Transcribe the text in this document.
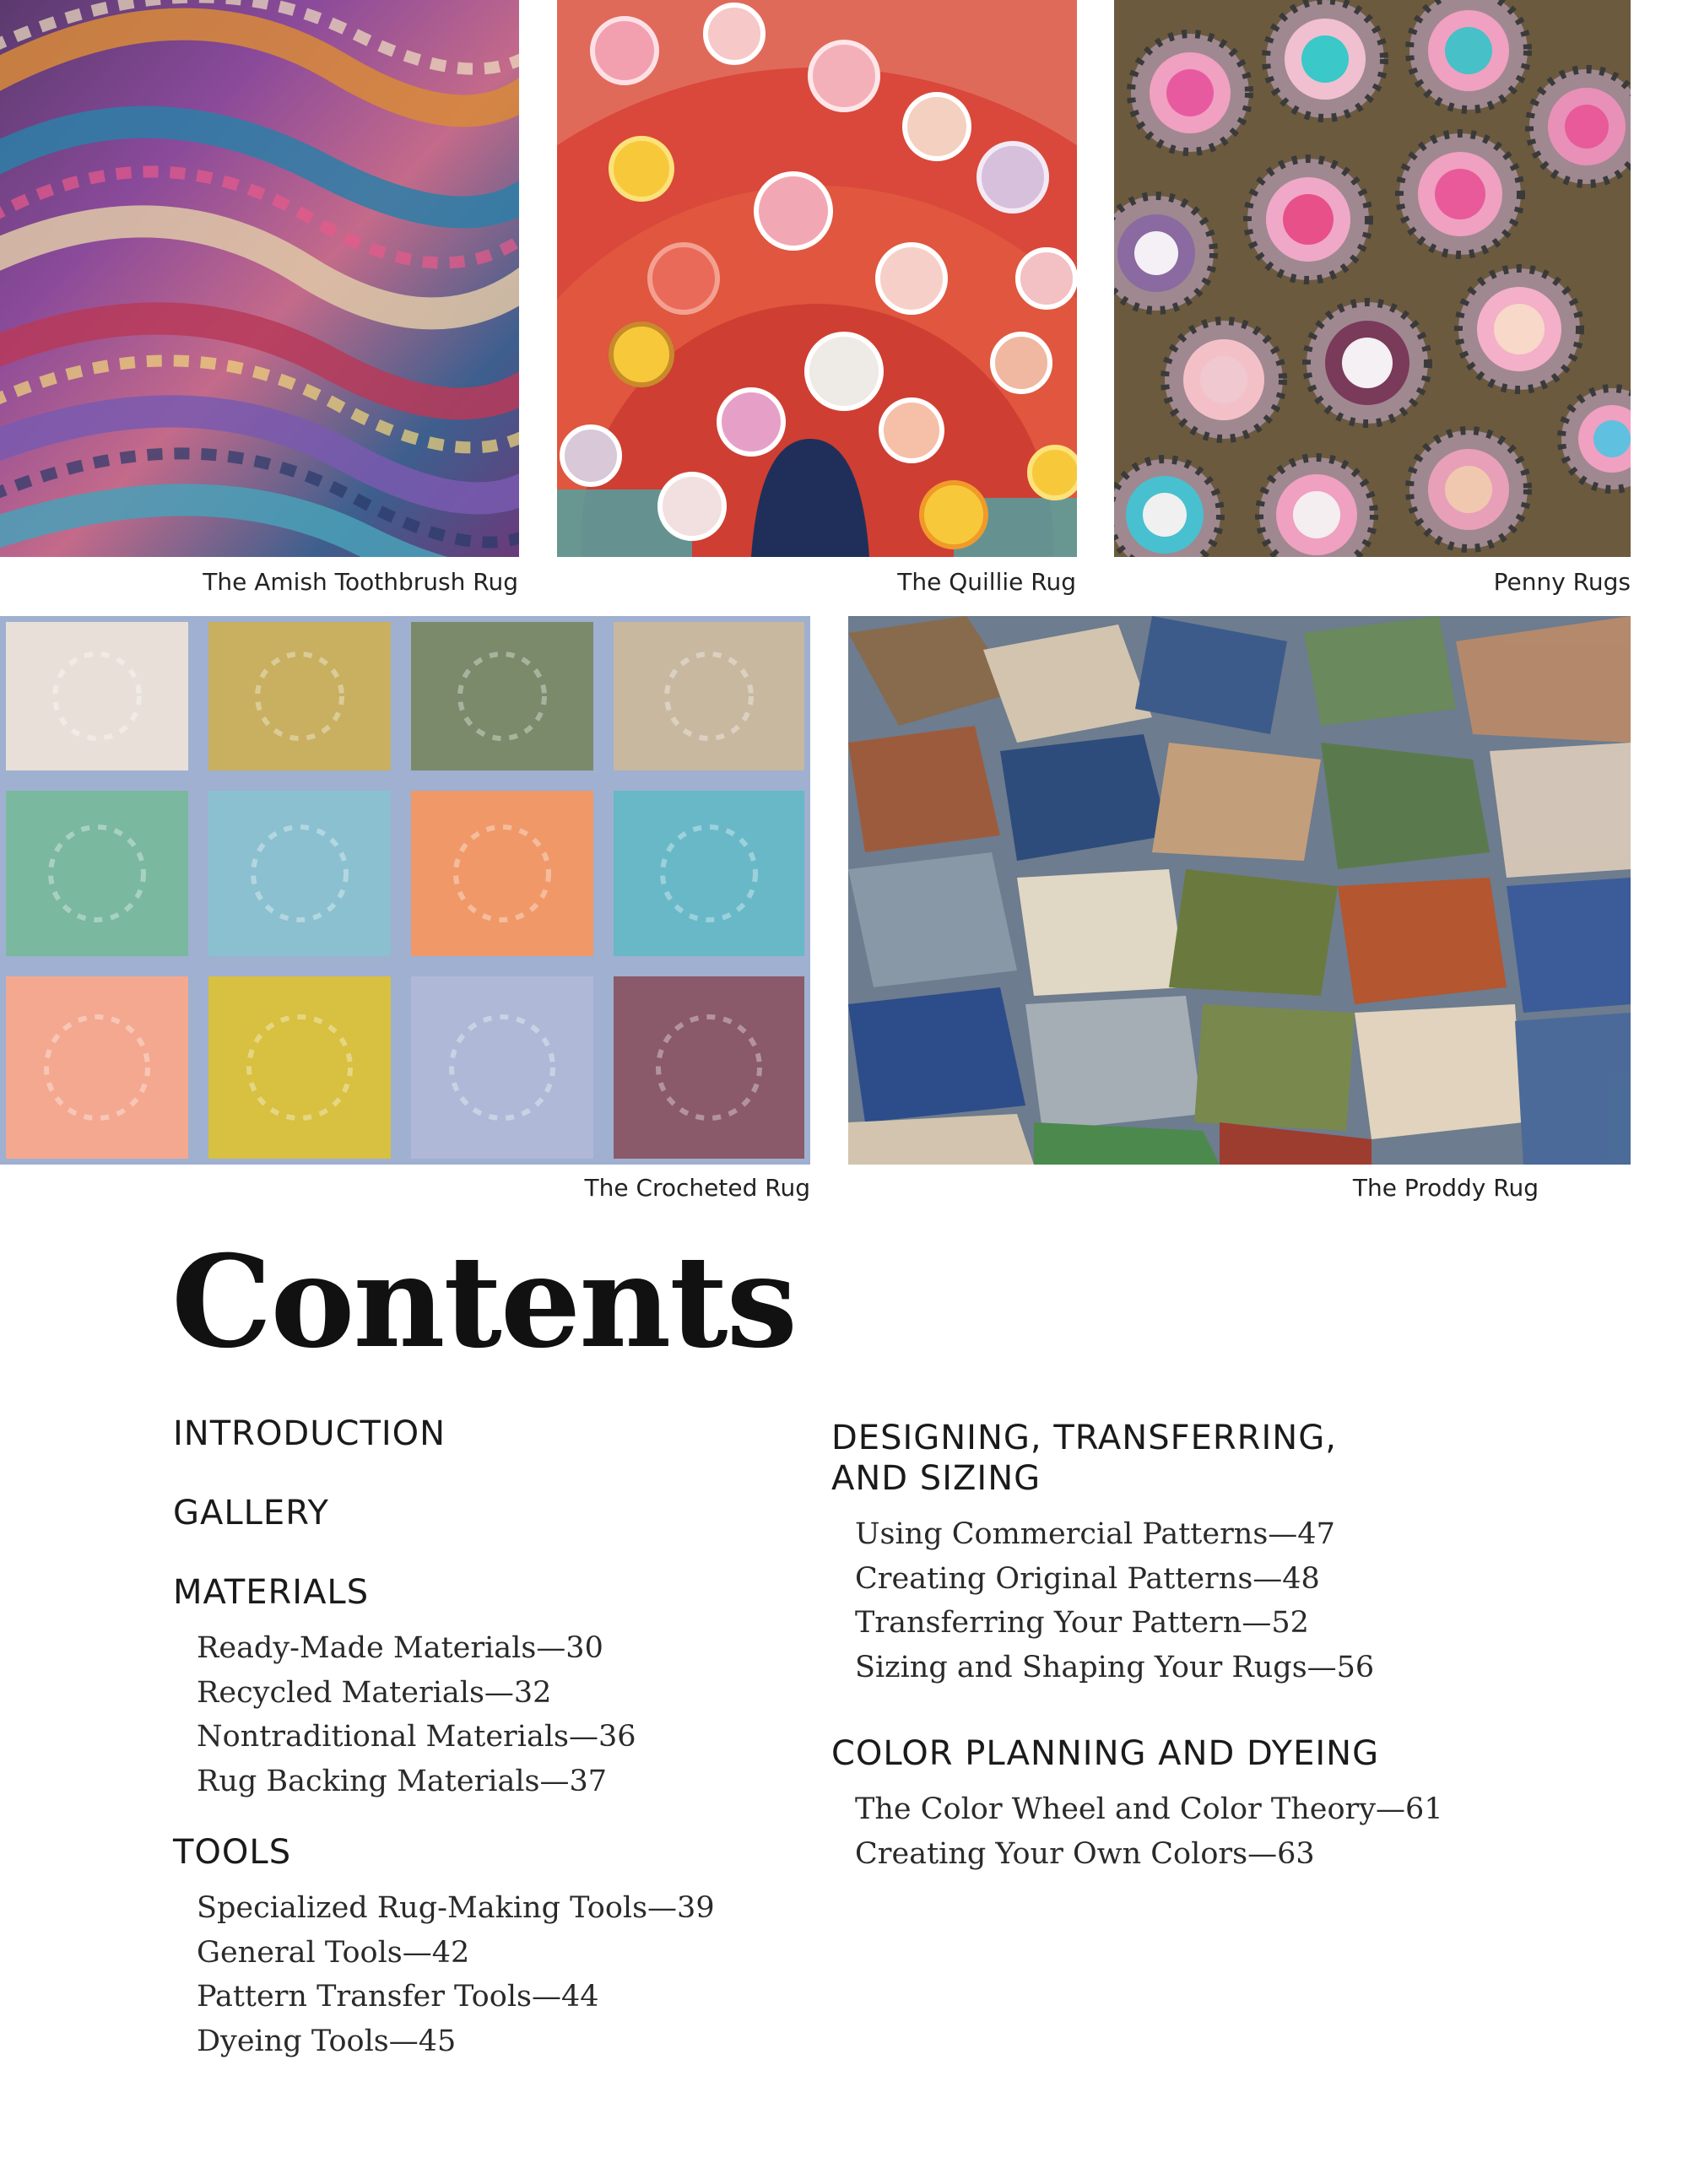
The Amish Toothbrush Rug	The Quillie Rug	Penny Rugs
The Crocheted Rug	The Proddy Rug
Contents
INTRODUCTION
GALLERY
MATERIALS
Ready-Made Materials—30
Recycled Materials—32
Nontraditional Materials—36
Rug Backing Materials—37
TOOLS
Specialized Rug-Making Tools—39
General Tools—42
Pattern Transfer Tools—44
Dyeing Tools—45
DESIGNING, TRANSFERRING,
AND SIZING
Using Commercial Patterns—47
Creating Original Patterns—48
Transferring Your Pattern—52
Sizing and Shaping Your Rugs—56
COLOR PLANNING AND DYEING
The Color Wheel and Color Theory—61
Creating Your Own Colors—63
